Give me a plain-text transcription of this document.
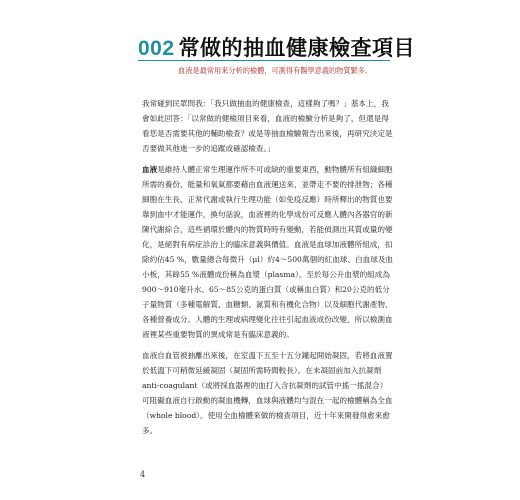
002 常做的抽血健康檢查項目
血液是最常用來分析的檢體，可測得有醫學意義的物質繁多。

我常碰到民眾問我：「我只做抽血的健康檢查，這樣夠了嗎？」基本上，我會如此回答：「以常做的健檢項目來看，血液的檢驗分析是夠了，但還是得看您是否需要其他的輔助檢查？或是等抽血檢驗報告出來後，再研究決定是否要做其他進一步的追蹤或確認檢查。」

血液是維持人體正常生理運作所不可或缺的重要東西，動物體所有組織細胞所需的養份、能量和氧氣都要藉由血液運送來，並帶走不要的排泄物；各種細胞在生長、正常代謝或執行生理功能（如免疫反應）時所釋出的物質也要靠到血中才能運作，換句話說，血液裡的化學成份可反應人體內各器官的新陳代謝綜合，這些循環於體內的物質時時有變動，若能偵測出其質或量的變化，是絕對有病症診治上的臨床意義與價值。血液是血球加液體所組成，扣除約佔45 %，數量總合每微升（μl）約4～500萬個的紅血球、白血球及血小板，其餘55 %液體成份稱為血漿（plasma）。至於每公升血漿的組成為900～910毫升水、65～85公克的蛋白質（或稱血白質）和20公克的低分子量物質（多種電解質、血糖類、氮質和有機化合物）以及細胞代謝產物、各種營養成分。人體的生理或病理變化往往引起血液成份改變，所以檢測血液裡某些重要物質的異成常是有臨床意義的。

血液自血管被抽離出來後，在室溫下五至十五分鐘起開始凝固，若將血液置於低溫下可稍微延緩凝固（凝固所需時間較長）。在未凝固前加入抗凝劑anti-coagulant（或將採血器裡的血打入含抗凝劑的試管中搖一搖混合）可阻礙血液自行啟動的凝血機轉，血球與液體均勻混在一起的檢體稱為全血（whole blood）。使用全血檢體來做的檢查項目，近十年來開發得愈來愈多。

4
